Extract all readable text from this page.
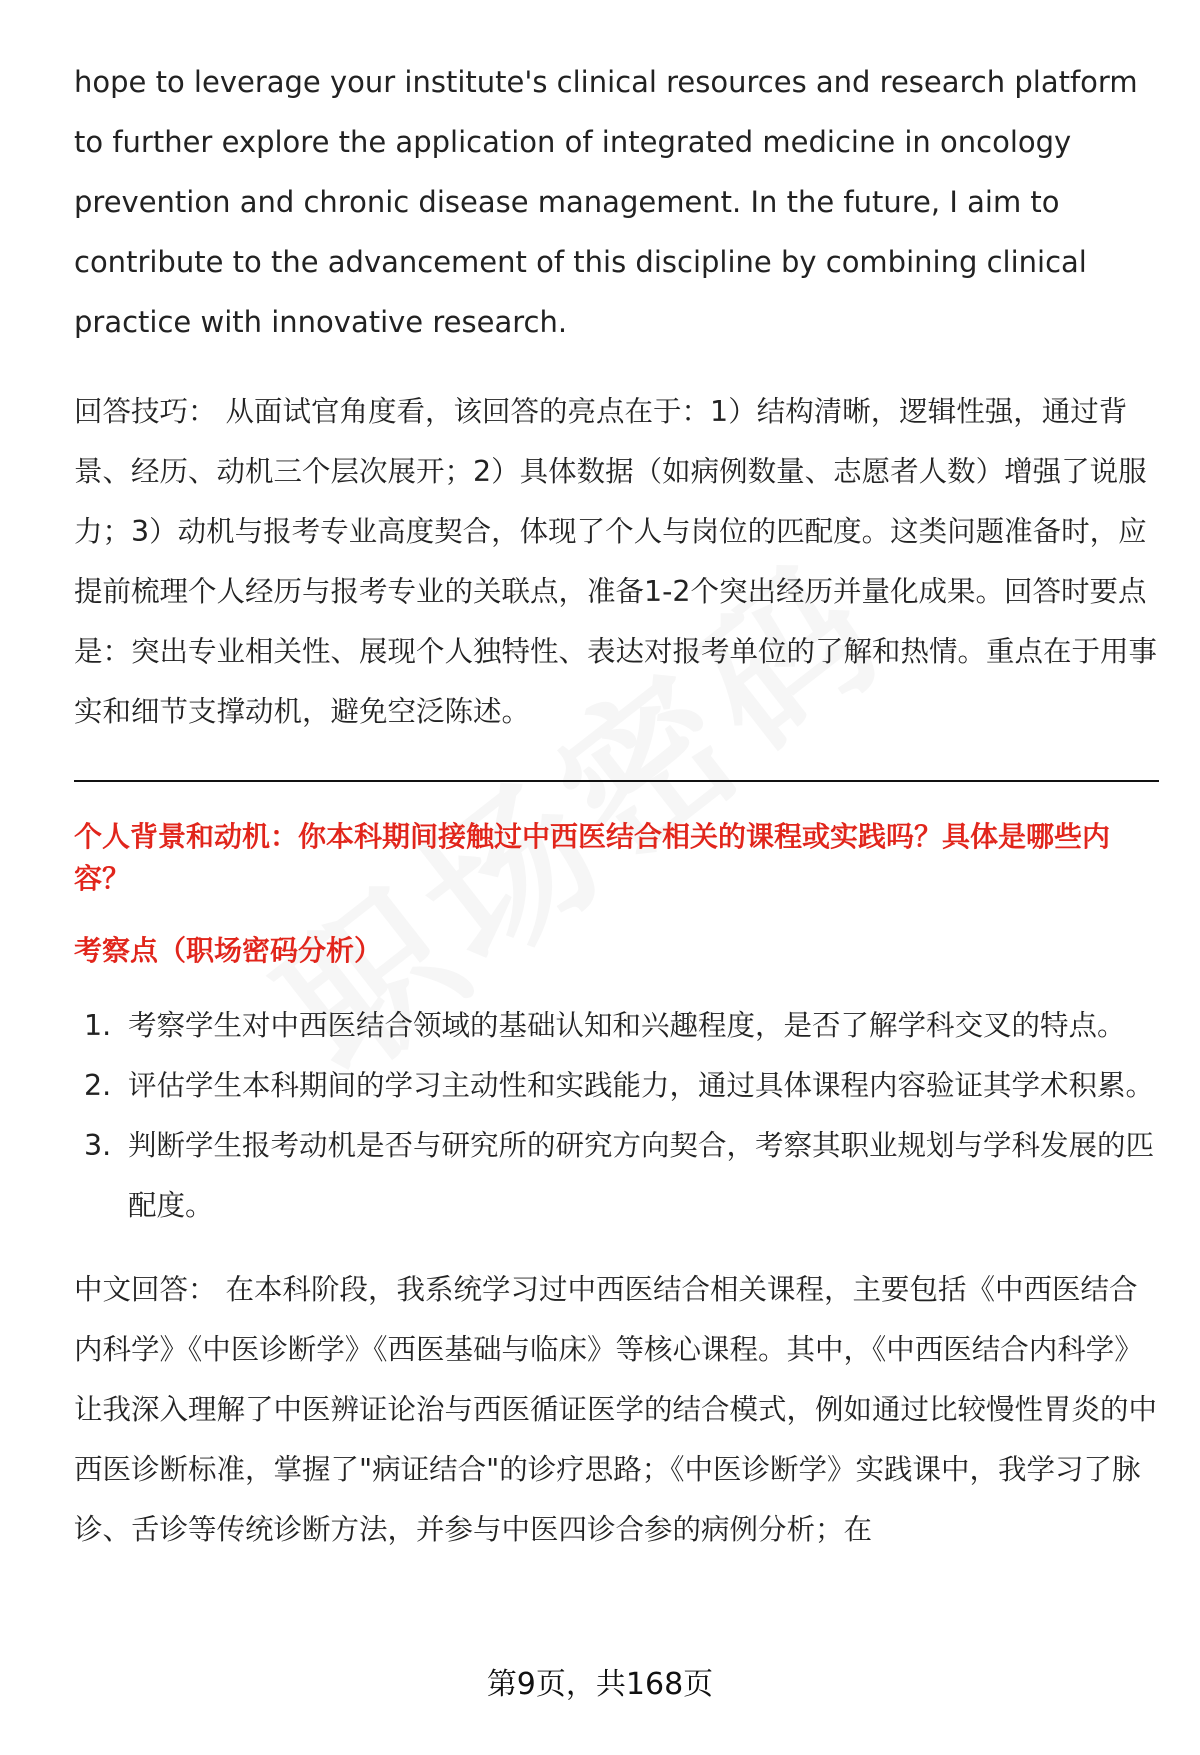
hope to leverage your institute's clinical resources and research platform to further explore the application of integrated medicine in oncology prevention and chronic disease management. In the future, I aim to contribute to the advancement of this discipline by combining clinical practice with innovative research.

回答技巧： 从面试官角度看，该回答的亮点在于：1）结构清晰，逻辑性强，通过背景、经历、动机三个层次展开；2）具体数据（如病例数量、志愿者人数）增强了说服力；3）动机与报考专业高度契合，体现了个人与岗位的匹配度。这类问题准备时，应提前梳理个人经历与报考专业的关联点，准备1-2个突出经历并量化成果。回答时要点是：突出专业相关性、展现个人独特性、表达对报考单位的了解和热情。重点在于用事实和细节支撑动机，避免空泛陈述。

个人背景和动机：你本科期间接触过中西医结合相关的课程或实践吗？具体是哪些内容？
考察点（职场密码分析）
1. 考察学生对中西医结合领域的基础认知和兴趣程度，是否了解学科交叉的特点。
2. 评估学生本科期间的学习主动性和实践能力，通过具体课程内容验证其学术积累。
3. 判断学生报考动机是否与研究所的研究方向契合，考察其职业规划与学科发展的匹配度。

中文回答： 在本科阶段，我系统学习过中西医结合相关课程，主要包括《中西医结合内科学》《中医诊断学》《西医基础与临床》等核心课程。其中，《中西医结合内科学》让我深入理解了中医辨证论治与西医循证医学的结合模式，例如通过比较慢性胃炎的中西医诊断标准，掌握了"病证结合"的诊疗思路；《中医诊断学》实践课中，我学习了脉诊、舌诊等传统诊断方法，并参与中医四诊合参的病例分析；在

第9页，共168页
